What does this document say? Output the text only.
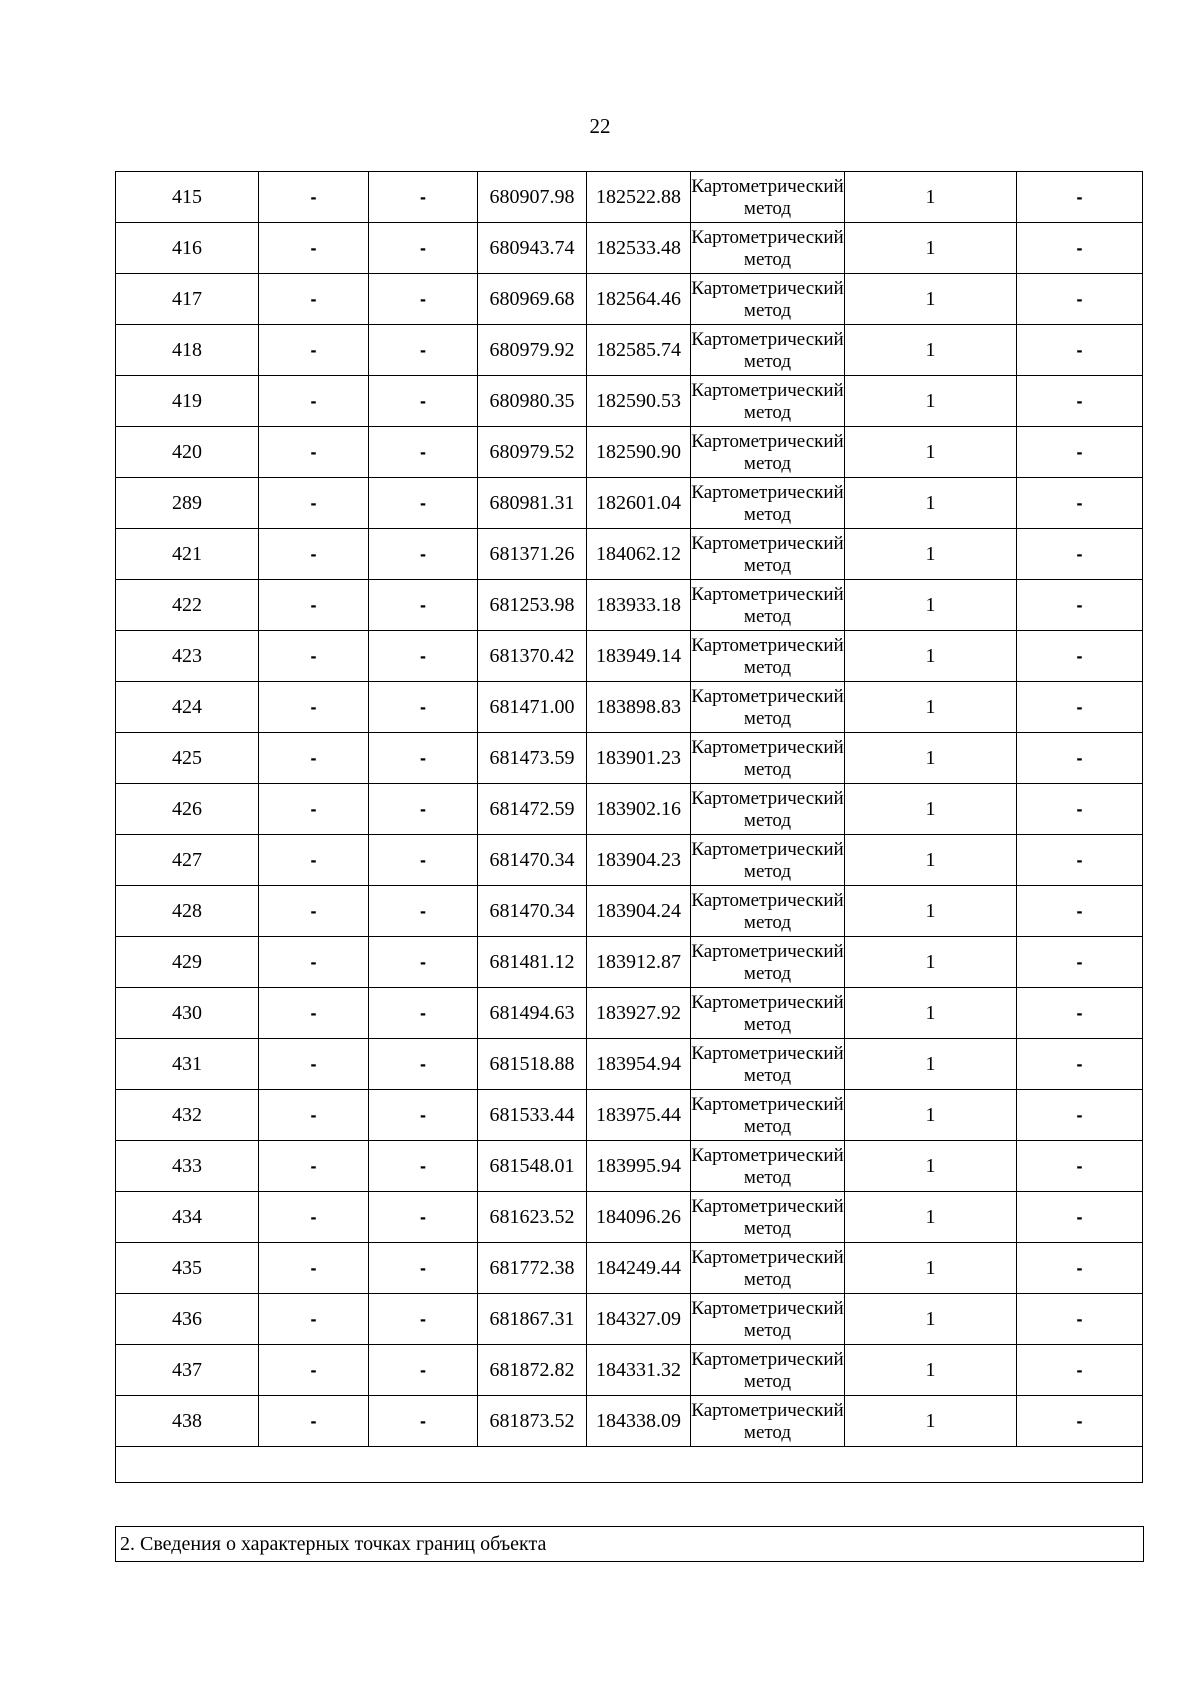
22
415	-	-	680907.98	182522.88	Картометрический метод	1	-
416	-	-	680943.74	182533.48	Картометрический метод	1	-
417	-	-	680969.68	182564.46	Картометрический метод	1	-
418	-	-	680979.92	182585.74	Картометрический метод	1	-
419	-	-	680980.35	182590.53	Картометрический метод	1	-
420	-	-	680979.52	182590.90	Картометрический метод	1	-
289	-	-	680981.31	182601.04	Картометрический метод	1	-
421	-	-	681371.26	184062.12	Картометрический метод	1	-
422	-	-	681253.98	183933.18	Картометрический метод	1	-
423	-	-	681370.42	183949.14	Картометрический метод	1	-
424	-	-	681471.00	183898.83	Картометрический метод	1	-
425	-	-	681473.59	183901.23	Картометрический метод	1	-
426	-	-	681472.59	183902.16	Картометрический метод	1	-
427	-	-	681470.34	183904.23	Картометрический метод	1	-
428	-	-	681470.34	183904.24	Картометрический метод	1	-
429	-	-	681481.12	183912.87	Картометрический метод	1	-
430	-	-	681494.63	183927.92	Картометрический метод	1	-
431	-	-	681518.88	183954.94	Картометрический метод	1	-
432	-	-	681533.44	183975.44	Картометрический метод	1	-
433	-	-	681548.01	183995.94	Картометрический метод	1	-
434	-	-	681623.52	184096.26	Картометрический метод	1	-
435	-	-	681772.38	184249.44	Картометрический метод	1	-
436	-	-	681867.31	184327.09	Картометрический метод	1	-
437	-	-	681872.82	184331.32	Картометрический метод	1	-
438	-	-	681873.52	184338.09	Картометрический метод	1	-

2. Сведения о характерных точках границ объекта
